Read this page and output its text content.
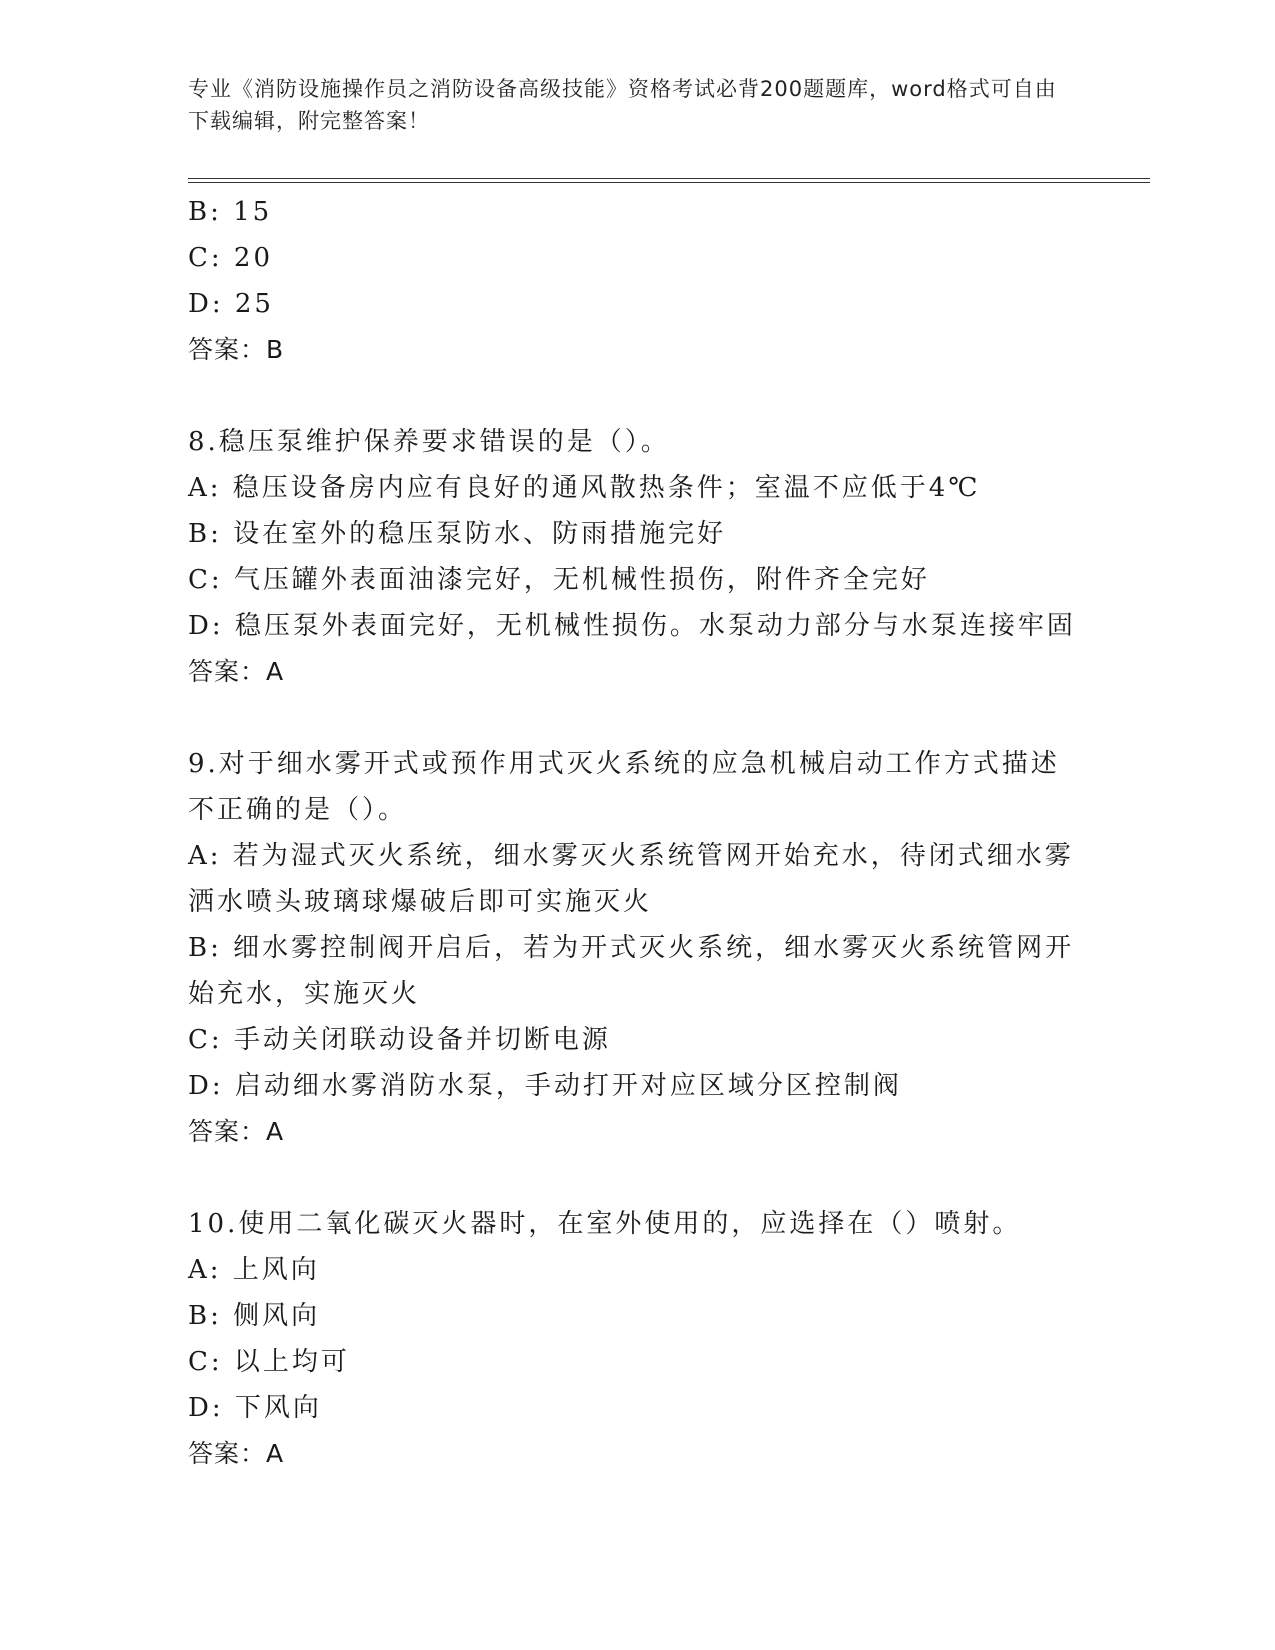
专业《消防设施操作员之消防设备高级技能》资格考试必背200题题库，word格式可自由下载编辑，附完整答案！
B: 15
C: 20
D: 25
答案：B
8.稳压泵维护保养要求错误的是（）。
A: 稳压设备房内应有良好的通风散热条件；室温不应低于4℃
B: 设在室外的稳压泵防水、防雨措施完好
C: 气压罐外表面油漆完好，无机械性损伤，附件齐全完好
D: 稳压泵外表面完好，无机械性损伤。水泵动力部分与水泵连接牢固
答案：A
9.对于细水雾开式或预作用式灭火系统的应急机械启动工作方式描述不正确的是（）。
A: 若为湿式灭火系统，细水雾灭火系统管网开始充水，待闭式细水雾洒水喷头玻璃球爆破后即可实施灭火
B: 细水雾控制阀开启后，若为开式灭火系统，细水雾灭火系统管网开始充水，实施灭火
C: 手动关闭联动设备并切断电源
D: 启动细水雾消防水泵，手动打开对应区域分区控制阀
答案：A
10.使用二氧化碳灭火器时，在室外使用的，应选择在（）喷射。
A: 上风向
B: 侧风向
C: 以上均可
D: 下风向
答案：A
